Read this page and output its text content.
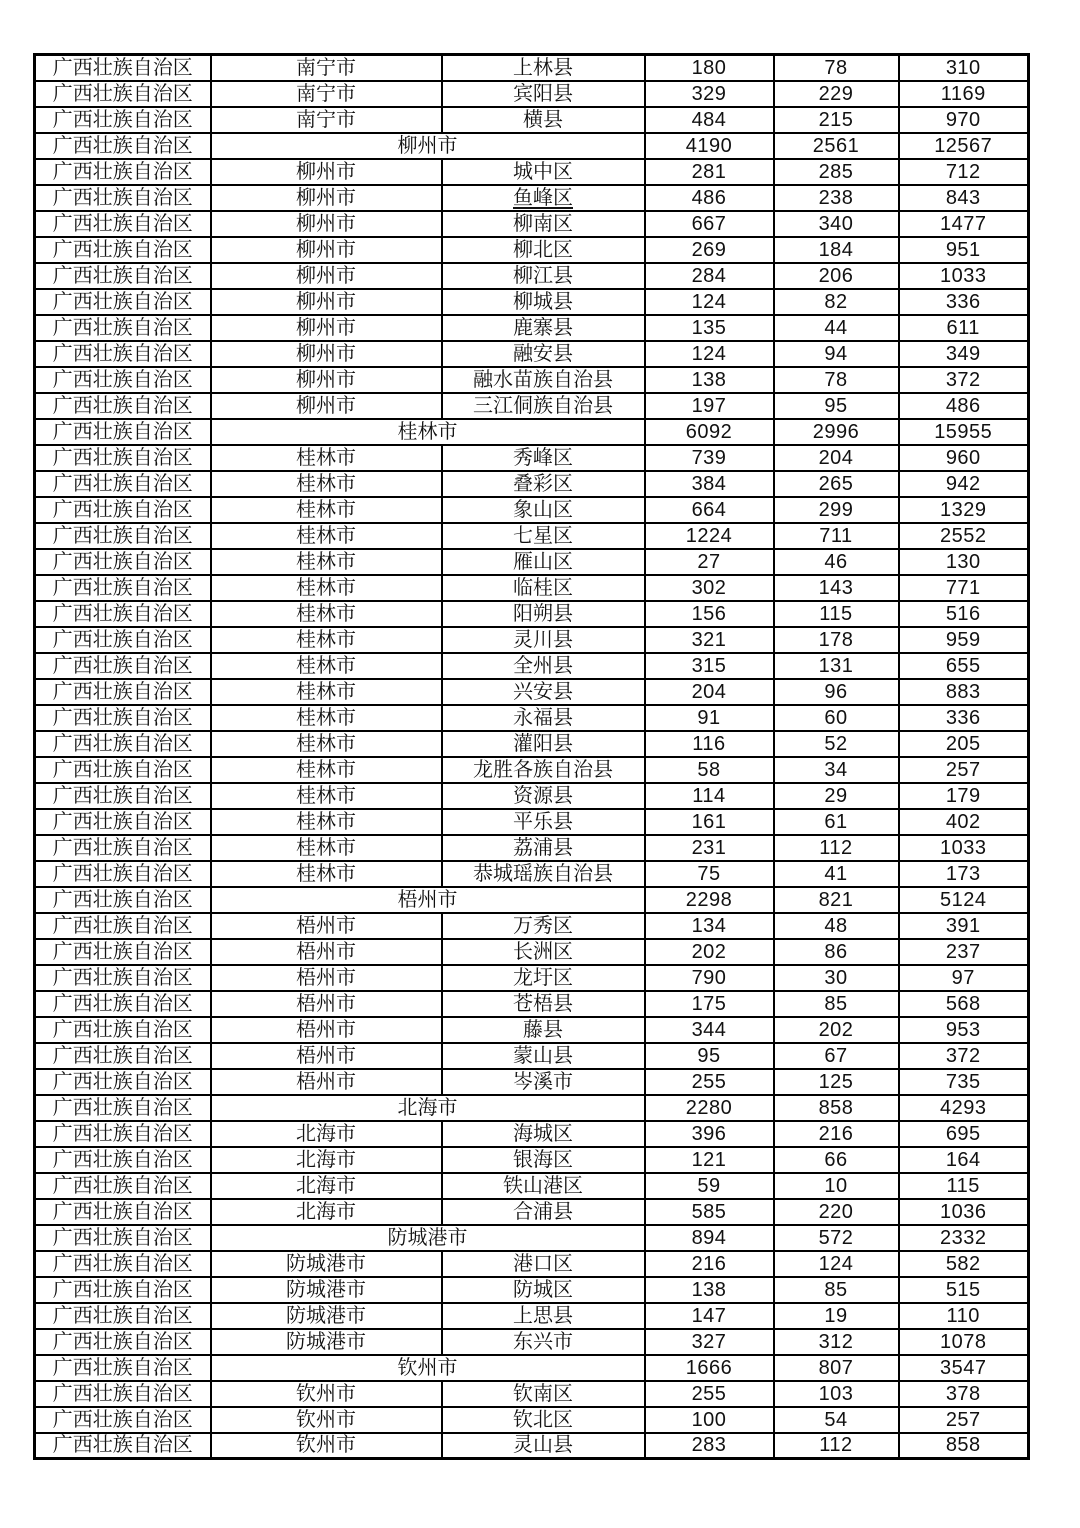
广西壮族自治区	南宁市	上林县	180	78	310
广西壮族自治区	南宁市	宾阳县	329	229	1169
广西壮族自治区	南宁市	横县	484	215	970
广西壮族自治区	柳州市		4190	2561	12567
广西壮族自治区	柳州市	城中区	281	285	712
广西壮族自治区	柳州市	鱼峰区	486	238	843
广西壮族自治区	柳州市	柳南区	667	340	1477
广西壮族自治区	柳州市	柳北区	269	184	951
广西壮族自治区	柳州市	柳江县	284	206	1033
广西壮族自治区	柳州市	柳城县	124	82	336
广西壮族自治区	柳州市	鹿寨县	135	44	611
广西壮族自治区	柳州市	融安县	124	94	349
广西壮族自治区	柳州市	融水苗族自治县	138	78	372
广西壮族自治区	柳州市	三江侗族自治县	197	95	486
广西壮族自治区	桂林市		6092	2996	15955
广西壮族自治区	桂林市	秀峰区	739	204	960
广西壮族自治区	桂林市	叠彩区	384	265	942
广西壮族自治区	桂林市	象山区	664	299	1329
广西壮族自治区	桂林市	七星区	1224	711	2552
广西壮族自治区	桂林市	雁山区	27	46	130
广西壮族自治区	桂林市	临桂区	302	143	771
广西壮族自治区	桂林市	阳朔县	156	115	516
广西壮族自治区	桂林市	灵川县	321	178	959
广西壮族自治区	桂林市	全州县	315	131	655
广西壮族自治区	桂林市	兴安县	204	96	883
广西壮族自治区	桂林市	永福县	91	60	336
广西壮族自治区	桂林市	灌阳县	116	52	205
广西壮族自治区	桂林市	龙胜各族自治县	58	34	257
广西壮族自治区	桂林市	资源县	114	29	179
广西壮族自治区	桂林市	平乐县	161	61	402
广西壮族自治区	桂林市	荔浦县	231	112	1033
广西壮族自治区	桂林市	恭城瑶族自治县	75	41	173
广西壮族自治区	梧州市		2298	821	5124
广西壮族自治区	梧州市	万秀区	134	48	391
广西壮族自治区	梧州市	长洲区	202	86	237
广西壮族自治区	梧州市	龙圩区	790	30	97
广西壮族自治区	梧州市	苍梧县	175	85	568
广西壮族自治区	梧州市	藤县	344	202	953
广西壮族自治区	梧州市	蒙山县	95	67	372
广西壮族自治区	梧州市	岑溪市	255	125	735
广西壮族自治区	北海市		2280	858	4293
广西壮族自治区	北海市	海城区	396	216	695
广西壮族自治区	北海市	银海区	121	66	164
广西壮族自治区	北海市	铁山港区	59	10	115
广西壮族自治区	北海市	合浦县	585	220	1036
广西壮族自治区	防城港市		894	572	2332
广西壮族自治区	防城港市	港口区	216	124	582
广西壮族自治区	防城港市	防城区	138	85	515
广西壮族自治区	防城港市	上思县	147	19	110
广西壮族自治区	防城港市	东兴市	327	312	1078
广西壮族自治区	钦州市		1666	807	3547
广西壮族自治区	钦州市	钦南区	255	103	378
广西壮族自治区	钦州市	钦北区	100	54	257
广西壮族自治区	钦州市	灵山县	283	112	858
